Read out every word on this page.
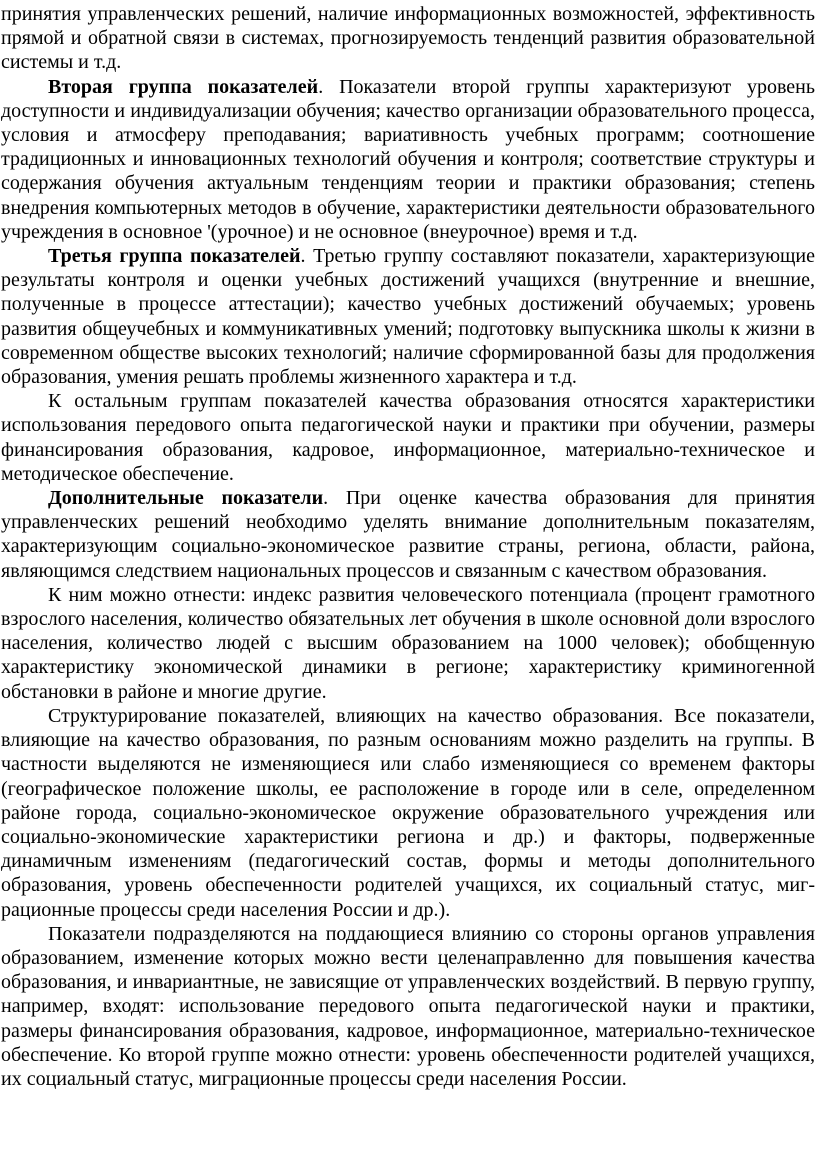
принятия управленческих решений, наличие информационных возможностей, эффективность прямой и обратной связи в системах, прогнозируемость тенденций развития образовательной системы и т.д.

Вторая группа показателей. Показатели второй группы характеризуют уровень доступности и индивидуализации обучения; качество организации образовательного процесса, условия и атмосферу преподавания; вариативность учебных программ; соотношение традиционных и инновационных технологий обучения и контроля; соответствие структуры и содержания обучения актуальным тенденциям теории и практики образования; степень внедрения компьютерных методов в обучение, характеристики деятельности образовательного учреждения в основное '(урочное) и не основное (внеурочное) время и т.д.

Третья группа показателей. Третью группу составляют показатели, характеризующие результаты контроля и оценки учебных достижений учащихся (внутренние и внешние, полученные в процессе аттестации); качество учебных достижений обучаемых; уровень развития общеучебных и коммуникативных умений; подготовку выпускника школы к жизни в современном обществе высоких технологий; наличие сформированной базы для продолжения образования, умения решать проблемы жизненного характера и т.д.

К остальным группам показателей качества образования относятся характеристики использования передового опыта педагогической науки и практики при обучении, размеры финансирования образования, кадровое, информационное, материально-техническое и методическое обеспечение.

Дополнительные показатели. При оценке качества образования для принятия управленческих решений необходимо уделять внимание дополнительным показателям, характеризующим социально-экономическое развитие страны, региона, области, района, являющимся следствием национальных процессов и связанным с качеством образования.

К ним можно отнести: индекс развития человеческого потенциала (процент грамотного взрослого населения, количество обязательных лет обучения в школе основной доли взрослого населения, количество людей с высшим образованием на 1000 человек); обобщенную характеристику экономической динамики в регионе; характеристику криминогенной обстановки в районе и многие другие.

Структурирование показателей, влияющих на качество образования. Все показатели, влияющие на качество образования, по разным основаниям можно разделить на группы. В частности выделяются не изменяющиеся или слабо изменяющиеся со временем факторы (географическое положение школы, ее расположение в городе или в селе, определенном районе города, социально-экономическое окружение образовательного учреждения или социально-экономические характеристики региона и др.) и факторы, подверженные динамичным изменениям (педагогический состав, формы и методы дополнительного образования, уровень обеспеченности родителей учащихся, их социальный статус, миграционные процессы среди населения России и др.).

Показатели подразделяются на поддающиеся влиянию со стороны органов управления образованием, изменение которых можно вести целенаправленно для повышения качества образования, и инвариантные, не зависящие от управленческих воздействий. В первую группу, например, входят: использование передового опыта педагогической науки и практики, размеры финансирования образования, кадровое, информационное, материально-техническое обеспечение. Ко второй группе можно отнести: уровень обеспеченности родителей учащихся, их социальный статус, миграционные процессы среди населения России.
